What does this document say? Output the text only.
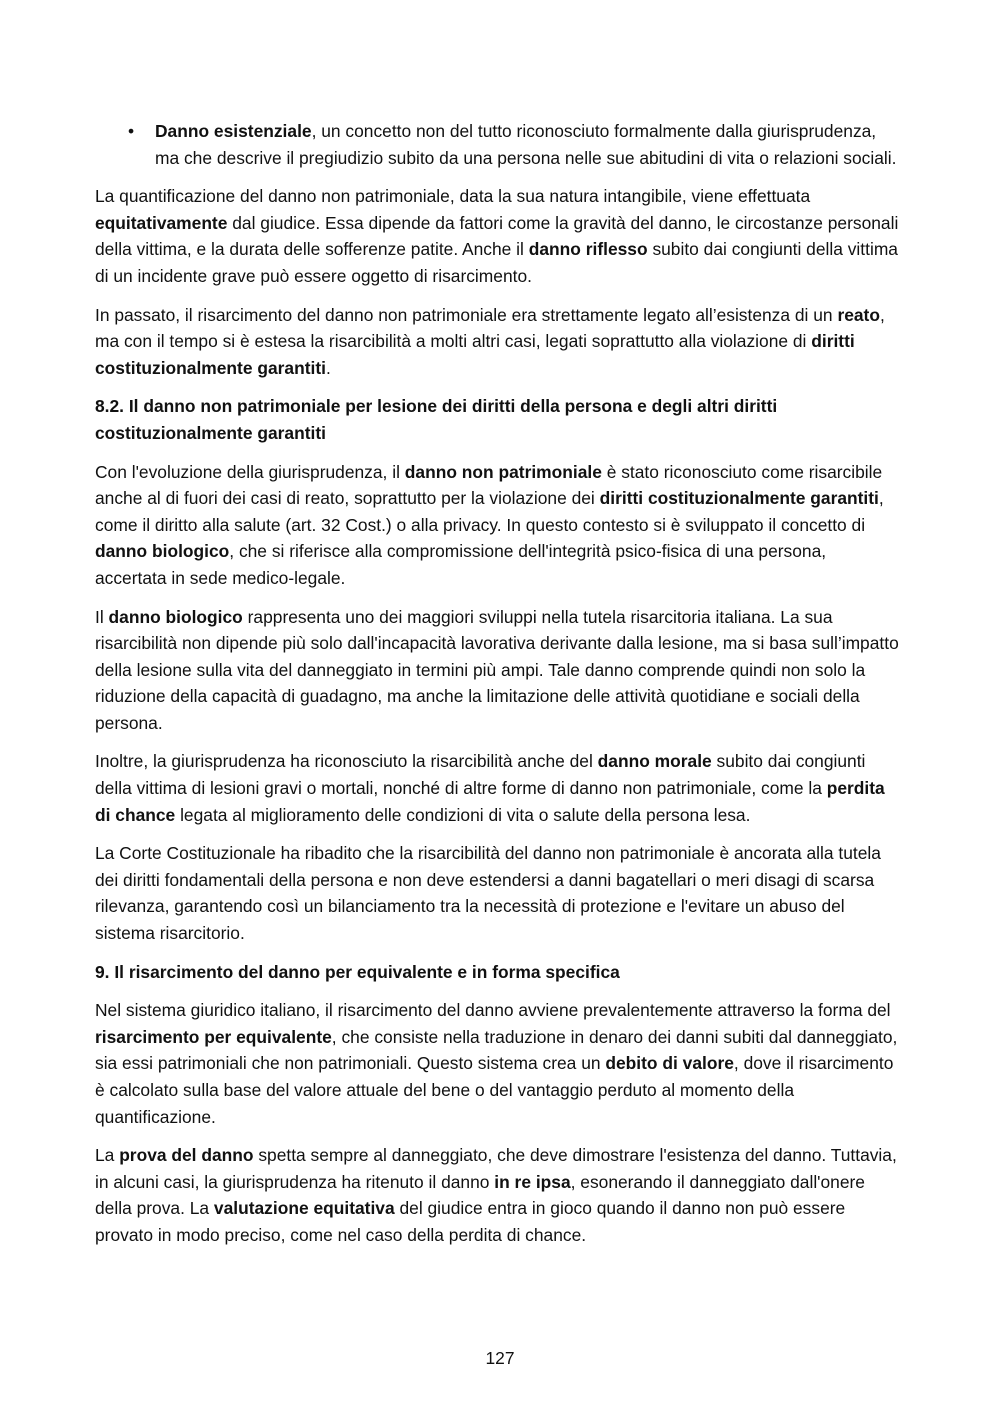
• Danno esistenziale, un concetto non del tutto riconosciuto formalmente dalla giurisprudenza, ma che descrive il pregiudizio subito da una persona nelle sue abitudini di vita o relazioni sociali.

La quantificazione del danno non patrimoniale, data la sua natura intangibile, viene effettuata equitativamente dal giudice. Essa dipende da fattori come la gravità del danno, le circostanze personali della vittima, e la durata delle sofferenze patite. Anche il danno riflesso subito dai congiunti della vittima di un incidente grave può essere oggetto di risarcimento.

In passato, il risarcimento del danno non patrimoniale era strettamente legato all’esistenza di un reato, ma con il tempo si è estesa la risarcibilità a molti altri casi, legati soprattutto alla violazione di diritti costituzionalmente garantiti.

8.2. Il danno non patrimoniale per lesione dei diritti della persona e degli altri diritti costituzionalmente garantiti

Con l'evoluzione della giurisprudenza, il danno non patrimoniale è stato riconosciuto come risarcibile anche al di fuori dei casi di reato, soprattutto per la violazione dei diritti costituzionalmente garantiti, come il diritto alla salute (art. 32 Cost.) o alla privacy. In questo contesto si è sviluppato il concetto di danno biologico, che si riferisce alla compromissione dell'integrità psico-fisica di una persona, accertata in sede medico-legale.

Il danno biologico rappresenta uno dei maggiori sviluppi nella tutela risarcitoria italiana. La sua risarcibilità non dipende più solo dall'incapacità lavorativa derivante dalla lesione, ma si basa sull’impatto della lesione sulla vita del danneggiato in termini più ampi. Tale danno comprende quindi non solo la riduzione della capacità di guadagno, ma anche la limitazione delle attività quotidiane e sociali della persona.

Inoltre, la giurisprudenza ha riconosciuto la risarcibilità anche del danno morale subito dai congiunti della vittima di lesioni gravi o mortali, nonché di altre forme di danno non patrimoniale, come la perdita di chance legata al miglioramento delle condizioni di vita o salute della persona lesa.

La Corte Costituzionale ha ribadito che la risarcibilità del danno non patrimoniale è ancorata alla tutela dei diritti fondamentali della persona e non deve estendersi a danni bagatellari o meri disagi di scarsa rilevanza, garantendo così un bilanciamento tra la necessità di protezione e l'evitare un abuso del sistema risarcitorio.

9. Il risarcimento del danno per equivalente e in forma specifica

Nel sistema giuridico italiano, il risarcimento del danno avviene prevalentemente attraverso la forma del risarcimento per equivalente, che consiste nella traduzione in denaro dei danni subiti dal danneggiato, sia essi patrimoniali che non patrimoniali. Questo sistema crea un debito di valore, dove il risarcimento è calcolato sulla base del valore attuale del bene o del vantaggio perduto al momento della quantificazione.

La prova del danno spetta sempre al danneggiato, che deve dimostrare l'esistenza del danno. Tuttavia, in alcuni casi, la giurisprudenza ha ritenuto il danno in re ipsa, esonerando il danneggiato dall'onere della prova. La valutazione equitativa del giudice entra in gioco quando il danno non può essere provato in modo preciso, come nel caso della perdita di chance.

127
